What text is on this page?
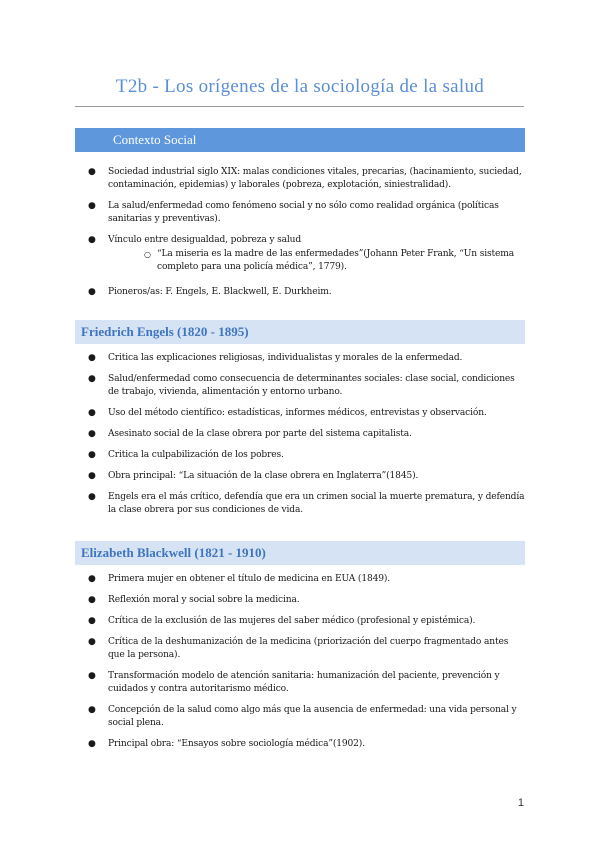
T2b - Los orígenes de la sociología de la salud
Contexto Social
● Sociedad industrial siglo XIX: malas condiciones vitales, precarias, (hacinamiento, suciedad, contaminación, epidemias) y laborales (pobreza, explotación, siniestralidad).
● La salud/enfermedad como fenómeno social y no sólo como realidad orgánica (políticas sanitarias y preventivas).
● Vínculo entre desigualdad, pobreza y salud
○ “La miseria es la madre de las enfermedades”(Johann Peter Frank, “Un sistema completo para una policía médica”, 1779).
● Pioneros/as: F. Engels, E. Blackwell, E. Durkheim.
Friedrich Engels (1820 - 1895)
● Critica las explicaciones religiosas, individualistas y morales de la enfermedad.
● Salud/enfermedad como consecuencia de determinantes sociales: clase social, condiciones de trabajo, vivienda, alimentación y entorno urbano.
● Uso del método científico: estadísticas, informes médicos, entrevistas y observación.
● Asesinato social de la clase obrera por parte del sistema capitalista.
● Critica la culpabilización de los pobres.
● Obra principal: “La situación de la clase obrera en Inglaterra”(1845).
● Engels era el más crítico, defendía que era un crimen social la muerte prematura, y defendía la clase obrera por sus condiciones de vida.
Elizabeth Blackwell (1821 - 1910)
● Primera mujer en obtener el título de medicina en EUA (1849).
● Reflexión moral y social sobre la medicina.
● Crítica de la exclusión de las mujeres del saber médico (profesional y epistémica).
● Crítica de la deshumanización de la medicina (priorización del cuerpo fragmentado antes que la persona).
● Transformación modelo de atención sanitaria: humanización del paciente, prevención y cuidados y contra autoritarismo médico.
● Concepción de la salud como algo más que la ausencia de enfermedad: una vida personal y social plena.
● Principal obra: “Ensayos sobre sociología médica”(1902).
1
